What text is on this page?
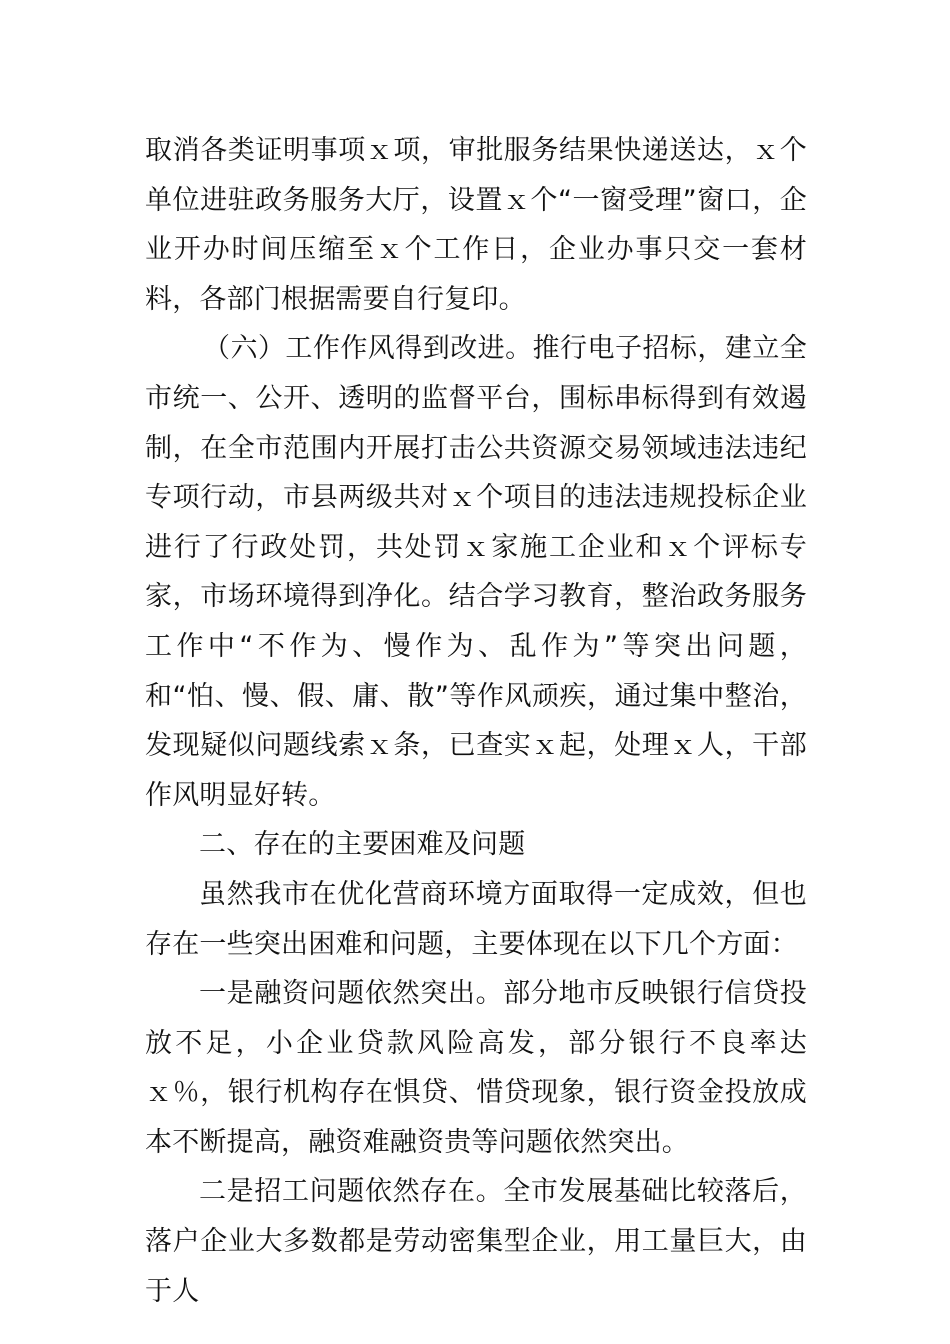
取消各类证明事项ｘ项，审批服务结果快递送达，ｘ个单位进驻政务服务大厅，设置ｘ个“一窗受理”窗口，企业开办时间压缩至ｘ个工作日，企业办事只交一套材料，各部门根据需要自行复印。

（六）工作作风得到改进。推行电子招标，建立全市统一、公开、透明的监督平台，围标串标得到有效遏制，在全市范围内开展打击公共资源交易领域违法违纪专项行动，市县两级共对ｘ个项目的违法违规投标企业进行了行政处罚，共处罚ｘ家施工企业和ｘ个评标专家，市场环境得到净化。结合学习教育，整治政务服务工作中“不作为、慢作为、乱作为”等突出问题，和“怕、慢、假、庸、散”等作风顽疾，通过集中整治，发现疑似问题线索ｘ条，已查实ｘ起，处理ｘ人，干部作风明显好转。

二、存在的主要困难及问题

虽然我市在优化营商环境方面取得一定成效，但也存在一些突出困难和问题，主要体现在以下几个方面：

一是融资问题依然突出。部分地市反映银行信贷投放不足，小企业贷款风险高发，部分银行不良率达ｘ％，银行机构存在惧贷、惜贷现象，银行资金投放成本不断提高，融资难融资贵等问题依然突出。

二是招工问题依然存在。全市发展基础比较落后，落户企业大多数都是劳动密集型企业，用工量巨大，由于人
